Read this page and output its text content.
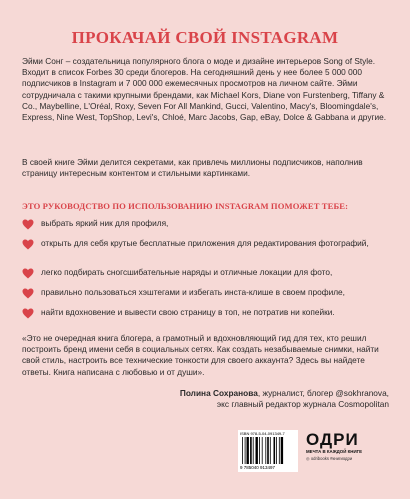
ПРОКАЧАЙ СВОЙ INSTAGRAM
Эйми Сонг – создательница популярного блога о моде и дизайне интерьеров Song of Style. Входит в список Forbes 30 среди блогеров. На сегодняшний день у нее более 5 000 000 подписчиков в Instagram и 7 000 000 ежемесячных просмотров на личном сайте. Эйми сотрудничала с такими крупными брендами, как Michael Kors, Diane von Furstenberg, Tiffany & Co., Maybelline, L'Oréal, Roxy, Seven For All Mankind, Gucci, Valentino, Macy's, Bloomingdale's, Express, Nine West, TopShop, Levi's, Chloé, Marc Jacobs, Gap, eBay, Dolce & Gabbana и другие.
В своей книге Эйми делится секретами, как привлечь миллионы подписчиков, наполнив страницу интересным контентом и стильными картинками.
ЭТО РУКОВОДСТВО ПО ИСПОЛЬЗОВАНИЮ INSTAGRAM ПОМОЖЕТ ТЕБЕ:
выбрать яркий ник для профиля,
открыть для себя крутые бесплатные приложения для редактирования фотографий,
легко подбирать сногсшибательные наряды и отличные локации для фото,
правильно пользоваться хэштегами и избегать инста-клише в своем профиле,
найти вдохновение и вывести свою страницу в топ, не потратив ни копейки.
«Это не очередная книга блогера, а грамотный и вдохновляющий гид для тех, кто решил построить бренд имени себя в социальных сетях. Как создать незабываемые снимки, найти свой стиль, настроить все технические тонкости для своего аккаунта? Здесь вы найдете ответы. Книга написана с любовью и от души».
Полина Сохранова, журналист, блогер @sokhranova,
экс главный редактор журнала Cosmopolitan
ISBN 978-5-04-091349-7
9 785040 913497
ОДРИ
МЕЧТА В КАЖДОЙ КНИГЕ
◎ odribooks #книгиодри
